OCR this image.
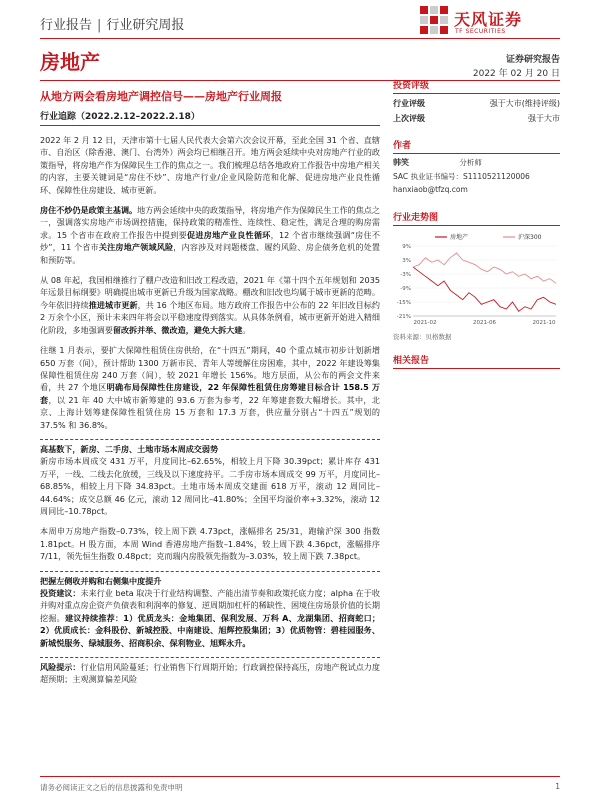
行业报告 | 行业研究周报	天风证券
TF SECURITIES
房地产	证券研究报告
2022 年 02 月 20 日
从地方两会看房地产调控信号——房地产行业周报
行业追踪（2022.2.12–2022.2.18）
2022 年 2 月 12 日，天津市第十七届人民代表大会第六次会议开幕，至此全国 31 个省、直辖市、自治区（除香港、澳门、台湾外）两会均已相继召开。地方两会延续中央对房地产行业的政策指导，将房地产作为保障民生工作的焦点之一。我们梳理总结各地政府工作报告中房地产相关的内容，主要关键词是“房住不炒”、房地产行业/企业风险防范和化解、促进房地产业良性循环、保障性住房建设、城市更新。
房住不炒仍是政策主基调。地方两会延续中央的政策指导，将房地产作为保障民生工作的焦点之一，强调落实房地产市场调控措施，保持政策的精准性、连续性、稳定性，满足合理的购房需求。15 个省市在政府工作报告中提到要促进房地产业良性循环，12 个省市继续强调“房住不炒”，11 个省市关注房地产领域风险，内容涉及对问题楼盘、履约风险、房企债务危机的处置和预防等。
从 08 年起，我国相继推行了棚户改造和旧改工程改造，2021 年《第十四个五年规划和 2035 年远景目标纲要》明确提出城市更新已升级为国家战略。棚改和旧改也均属于城市更新的范畴。今年依旧持续推进城市更新，共 16 个地区布局。地方政府工作报告中公布的 22 年旧改目标约 2 万余个小区，预计未来四年将会以平稳速度得到落实。从具体条例看，城市更新开始进入精细化阶段，多地强调要留改拆并举、微改造，避免大拆大建。
往继 1 月表示，要扩大保障性租赁住房供给，在“十四五”期间，40 个重点城市初步计划新增 650 万套（间），预计帮助 1300 万新市民、青年人等缓解住房困难，其中，2022 年建设筹集保障性租赁住房 240 万套（间），较 2021 年增长 156%。地方层面，从公布的两会文件来看，共 27 个地区明确布局保障性住房建设，22 年保障性租赁住房筹建目标合计 158.5 万套，以 21 年 40 大中城市新筹建的 93.6 万套为参考，22 年筹建套数大幅增长。其中，北京、上海计划筹建保障性租赁住房 15 万套和 17.3 万套，供应量分别占“十四五”规划的 37.5% 和 36.8%。
高基数下，新房、二手房、土地市场本周成交弱势
新房市场本周成交 431 万平，月度同比–62.65%，相较上月下降 30.39pct；累计库存 431 万平，一线、二线去化放缓，三线及以下速度持平。二手房市场本周成交 99 万平，月度同比–68.85%，相较上月下降 34.83pct。土地市场本周成交建面 618 万平，滚动 12 周同比–44.64%；成交总额 46 亿元，滚动 12 周同比–41.80%；全国平均溢价率+3.32%，滚动 12 周同比–10.78pct。
本周申万房地产指数–0.73%，较上周下跌 4.73pct，涨幅排名 25/31，跑输沪深 300 指数 1.81pct。H 股方面，本周 Wind 香港房地产指数–1.84%，较上周下跌 4.36pct，涨幅排序 7/11，领先恒生指数 0.48pct；克而瑞内房股领先指数为–3.03%，较上周下跌 7.38pct。
把握左侧收并购和右侧集中度提升
投资建议：未来行业 beta 取决于行业结构调整、产能出清节奏和政策托底力度；alpha 在于收并购对重点房企资产负债表和利润率的修复、逆周期加杠杆的稀缺性、困境住房场景价值的长期挖掘。建议持续推荐：1）优质龙头：金地集团、保利发展、万科 A、龙湖集团、招商蛇口；2）优质成长：金科股份、新城控股、中南建设、旭辉控股集团；3）优质物管：碧桂园服务、新城悦服务、绿城服务、招商积余、保利物业、旭辉永升。
风险提示：行业信用风险蔓延；行业销售下行周期开始；行政调控保持高压，房地产税试点力度超预期；主观测算偏差风险
投资评级
行业评级	强于大市(维持评级)
上次评级	强于大市
作者
韩笑	分析师
SAC 执业证书编号：S1110521120006
hanxiaob@tfzq.com
行业走势图
9%
3%
-3%
-9%
-15%
-21%
2021-02	2021-06	2021-10
房地产	沪深300
资料来源：贝格数据
相关报告
请务必阅读正文之后的信息披露和免责申明	1
